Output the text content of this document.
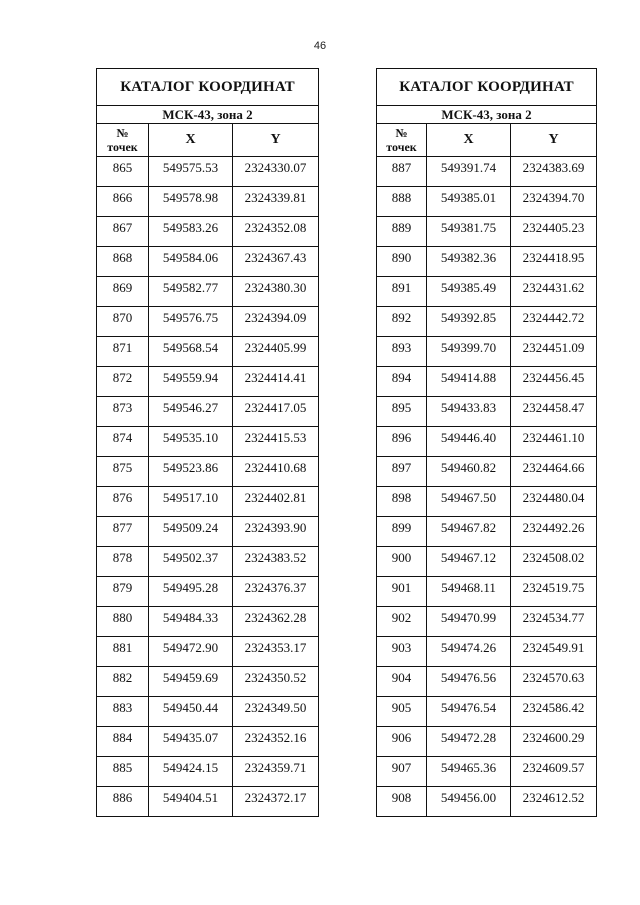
46
КАТАЛОГ КООРДИНАТ		
МСК-43, зона 2		

№
точек	X	Y
865	549575.53	2324330.07
866	549578.98	2324339.81
867	549583.26	2324352.08
868	549584.06	2324367.43
869	549582.77	2324380.30
870	549576.75	2324394.09
871	549568.54	2324405.99
872	549559.94	2324414.41
873	549546.27	2324417.05
874	549535.10	2324415.53
875	549523.86	2324410.68
876	549517.10	2324402.81
877	549509.24	2324393.90
878	549502.37	2324383.52
879	549495.28	2324376.37
880	549484.33	2324362.28
881	549472.90	2324353.17
882	549459.69	2324350.52
883	549450.44	2324349.50
884	549435.07	2324352.16
885	549424.15	2324359.71
886	549404.51	2324372.17
КАТАЛОГ КООРДИНАТ		
МСК-43, зона 2		

№
точек	X	Y
887	549391.74	2324383.69
888	549385.01	2324394.70
889	549381.75	2324405.23
890	549382.36	2324418.95
891	549385.49	2324431.62
892	549392.85	2324442.72
893	549399.70	2324451.09
894	549414.88	2324456.45
895	549433.83	2324458.47
896	549446.40	2324461.10
897	549460.82	2324464.66
898	549467.50	2324480.04
899	549467.82	2324492.26
900	549467.12	2324508.02
901	549468.11	2324519.75
902	549470.99	2324534.77
903	549474.26	2324549.91
904	549476.56	2324570.63
905	549476.54	2324586.42
906	549472.28	2324600.29
907	549465.36	2324609.57
908	549456.00	2324612.52
